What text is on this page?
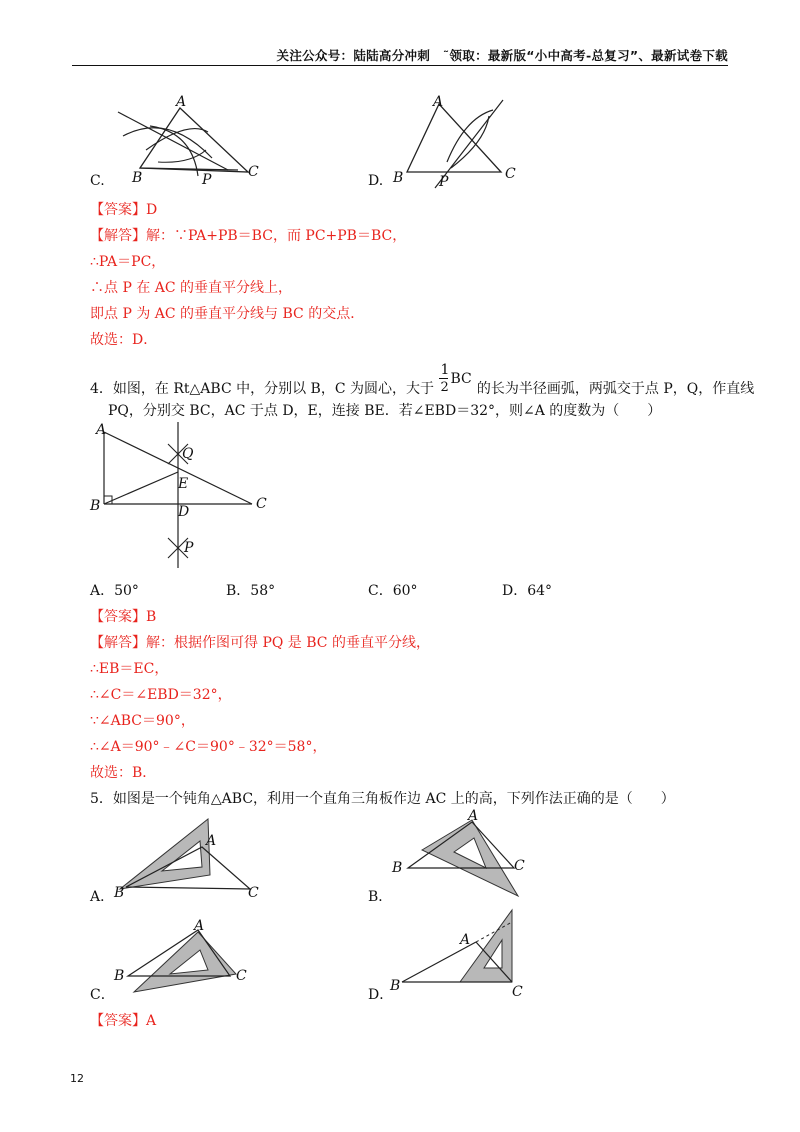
关注公众号：陆陆高分冲刺　˜领取：最新版“小中高考-总复习”、最新试卷下载
A
B	P	C
C.
A
B	P	C
D.
【答案】D
【解答】解：∵PA+PB＝BC，而 PC+PB＝BC，
∴PA＝PC，
∴点 P 在 AC 的垂直平分线上，
即点 P 为 AC 的垂直平分线与 BC 的交点．
故选：D．
4．如图，在 Rt△ABC 中，分别以 B，C 为圆心，大于
1
2
BC
的长为半径画弧，两弧交于点 P，Q，作直线
PQ，分别交 BC，AC 于点 D，E，连接 BE．若∠EBD＝32°，则∠A 的度数为（　　）
A
Q
E
B	C
D
P
A．50°	B．58°	C．60°	D．64°
【答案】B
【解答】解：根据作图可得 PQ 是 BC 的垂直平分线，
∴EB＝EC，
∴∠C＝∠EBD＝32°，
∵∠ABC＝90°，
∴∠A＝90°﹣∠C＝90°﹣32°＝58°，
故选：B．
5．如图是一个钝角△ABC，利用一个直角三角板作边 AC 上的高，下列作法正确的是（　　）
A
B	C
A．
A
B	C
B．
A
B	C
C．
A
B	C
D．
【答案】A
12
